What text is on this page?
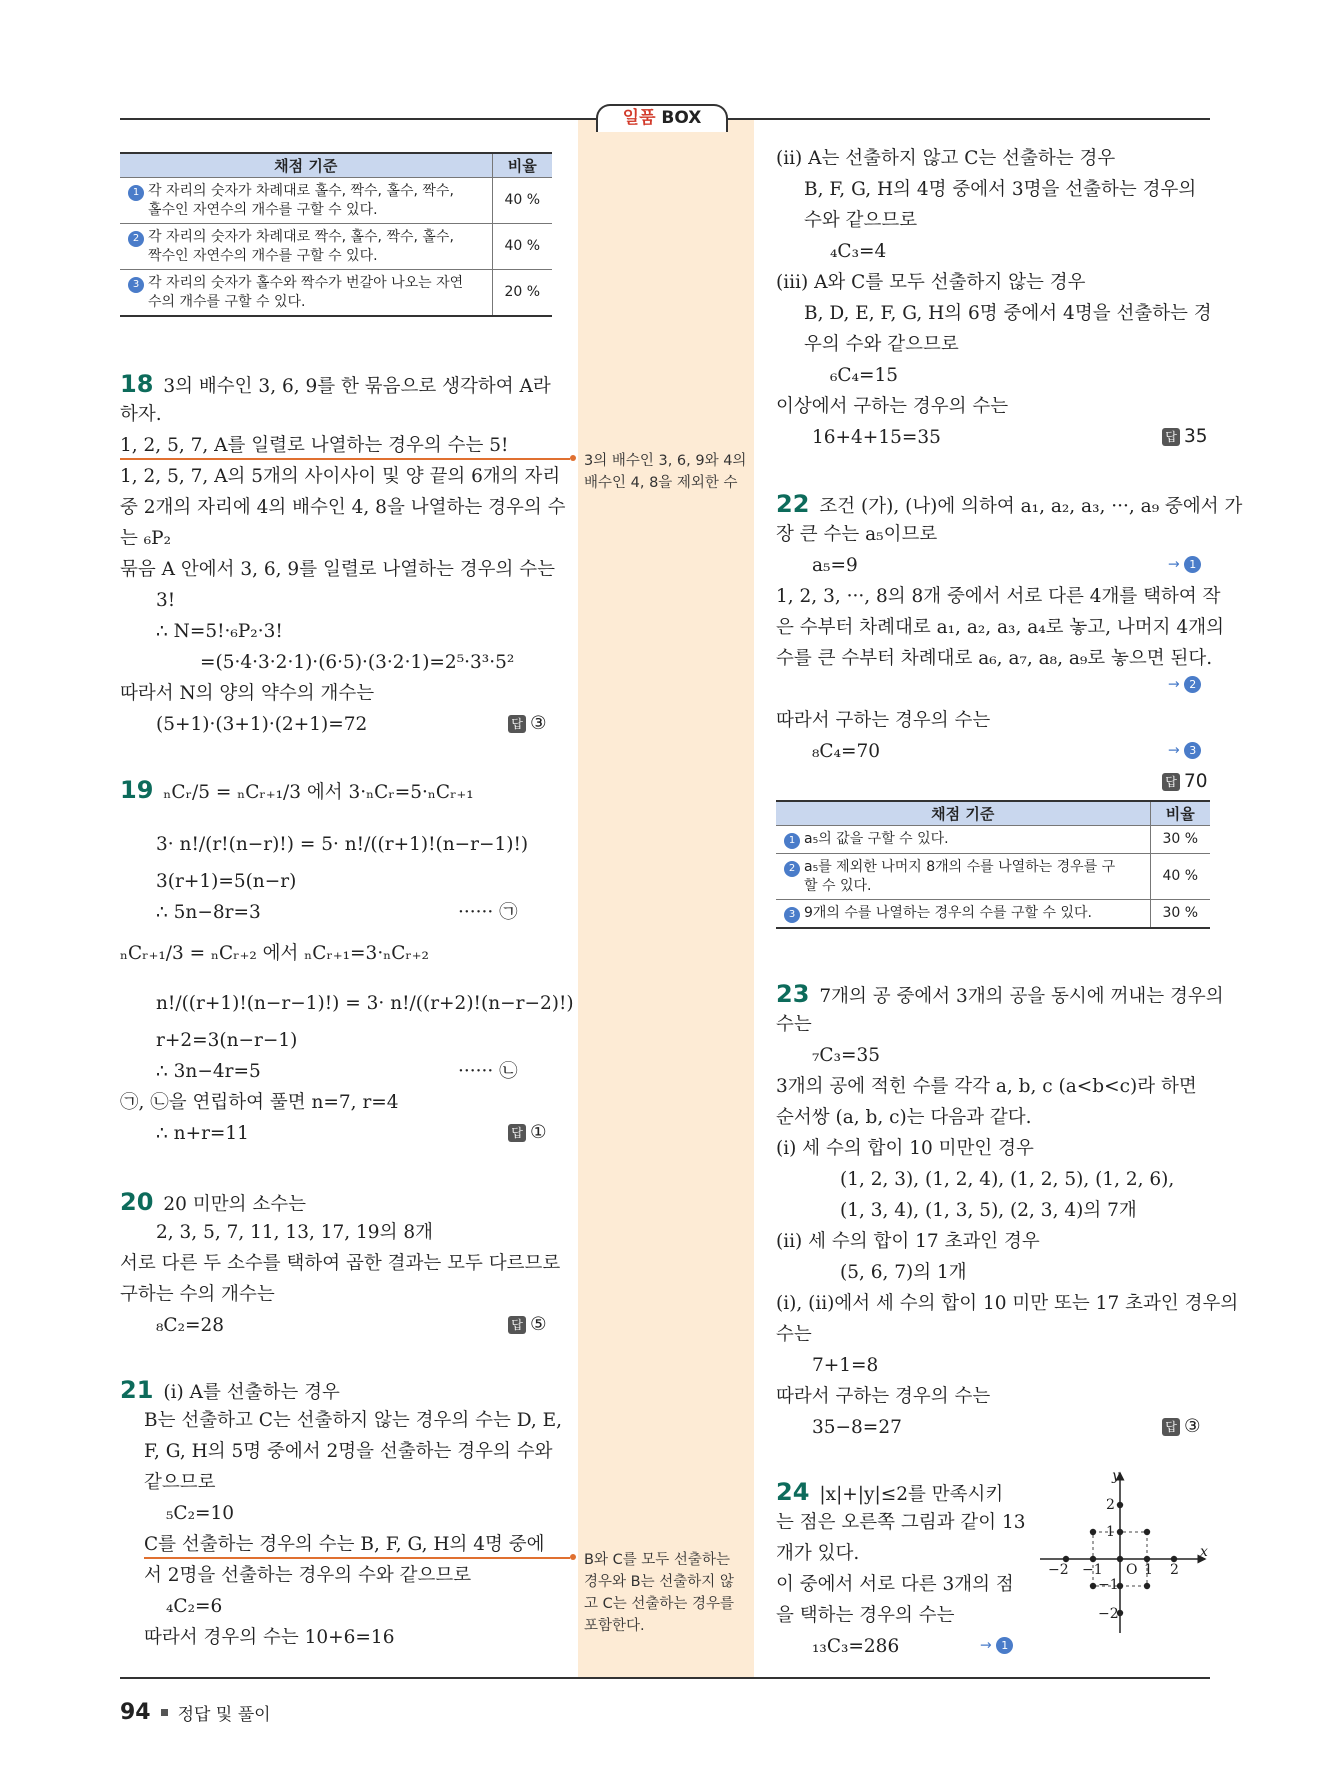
일품 BOX
채점 기준	비율
1 각 자리의 숫자가 차례대로 홀수, 짝수, 홀수, 짝수,
홀수인 자연수의 개수를 구할 수 있다.	40 %
2 각 자리의 숫자가 차례대로 짝수, 홀수, 짝수, 홀수,
짝수인 자연수의 개수를 구할 수 있다.	40 %
3 각 자리의 숫자가 홀수와 짝수가 번갈아 나오는 자연
수의 개수를 구할 수 있다.	20 %
18 3의 배수인 3, 6, 9를 한 묶음으로 생각하여 A라
하자.
1, 2, 5, 7, A를 일렬로 나열하는 경우의 수는 5!
1, 2, 5, 7, A의 5개의 사이사이 및 양 끝의 6개의 자리
중 2개의 자리에 4의 배수인 4, 8을 나열하는 경우의 수
는 ₆P₂
묶음 A 안에서 3, 6, 9를 일렬로 나열하는 경우의 수는
3!
∴ N=5!·₆P₂·3!
=(5·4·3·2·1)·(6·5)·(3·2·1)=2⁵·3³·5²
따라서 N의 양의 약수의 개수는
(5+1)·(3+1)·(2+1)=72	답 ③
3의 배수인 3, 6, 9와 4의
배수인 4, 8을 제외한 수
19 ₙCᵣ/5 = ₙCᵣ₊₁/3 에서 3·ₙCᵣ=5·ₙCᵣ₊₁
3· n!/(r!(n−r)!) = 5· n!/((r+1)!(n−r−1)!)
3(r+1)=5(n−r)
∴ 5n−8r=3	······ ㉠
ₙCᵣ₊₁/3 = ₙCᵣ₊₂ 에서 ₙCᵣ₊₁=3·ₙCᵣ₊₂
n!/((r+1)!(n−r−1)!) = 3· n!/((r+2)!(n−r−2)!)
r+2=3(n−r−1)
∴ 3n−4r=5	······ ㉡
㉠, ㉡을 연립하여 풀면 n=7, r=4
∴ n+r=11	답 ①
20 20 미만의 소수는
2, 3, 5, 7, 11, 13, 17, 19의 8개
서로 다른 두 소수를 택하여 곱한 결과는 모두 다르므로
구하는 수의 개수는
₈C₂=28	답 ⑤
21 (ⅰ) A를 선출하는 경우
B는 선출하고 C는 선출하지 않는 경우의 수는 D, E,
F, G, H의 5명 중에서 2명을 선출하는 경우의 수와
같으므로
₅C₂=10
C를 선출하는 경우의 수는 B, F, G, H의 4명 중에
서 2명을 선출하는 경우의 수와 같으므로
₄C₂=6
따라서 경우의 수는 10+6=16
B와 C를 모두 선출하는
경우와 B는 선출하지 않
고 C는 선출하는 경우를
포함한다.
(ⅱ) A는 선출하지 않고 C는 선출하는 경우
B, F, G, H의 4명 중에서 3명을 선출하는 경우의
수와 같으므로
₄C₃=4
(ⅲ) A와 C를 모두 선출하지 않는 경우
B, D, E, F, G, H의 6명 중에서 4명을 선출하는 경
우의 수와 같으므로
₆C₄=15
이상에서 구하는 경우의 수는
16+4+15=35	답 35
22 조건 (가), (나)에 의하여 a₁, a₂, a₃, ···, a₉ 중에서 가
장 큰 수는 a₅이므로
a₅=9	→ 1
1, 2, 3, ···, 8의 8개 중에서 서로 다른 4개를 택하여 작
은 수부터 차례대로 a₁, a₂, a₃, a₄로 놓고, 나머지 4개의
수를 큰 수부터 차례대로 a₆, a₇, a₈, a₉로 놓으면 된다.
→ 2
따라서 구하는 경우의 수는
₈C₄=70	→ 3
답 70
채점 기준	비율
1 a₅의 값을 구할 수 있다.	30 %
2 a₅를 제외한 나머지 8개의 수를 나열하는 경우를 구
할 수 있다.	40 %
3 9개의 수를 나열하는 경우의 수를 구할 수 있다.	30 %
23 7개의 공 중에서 3개의 공을 동시에 꺼내는 경우의
수는
₇C₃=35
3개의 공에 적힌 수를 각각 a, b, c (a<b<c)라 하면
순서쌍 (a, b, c)는 다음과 같다.
(ⅰ) 세 수의 합이 10 미만인 경우
(1, 2, 3), (1, 2, 4), (1, 2, 5), (1, 2, 6),
(1, 3, 4), (1, 3, 5), (2, 3, 4)의 7개
(ⅱ) 세 수의 합이 17 초과인 경우
(5, 6, 7)의 1개
(ⅰ), (ⅱ)에서 세 수의 합이 10 미만 또는 17 초과인 경우의
수는
7+1=8
따라서 구하는 경우의 수는
35−8=27	답 ③
24 |x|+|y|≤2를 만족시키
는 점은 오른쪽 그림과 같이 13
개가 있다.
이 중에서 서로 다른 3개의 점
을 택하는 경우의 수는
₁₃C₃=286	→ 1
y
x
2
1
O
−1
−2
−2 −1	1 2
94 정답 및 풀이
